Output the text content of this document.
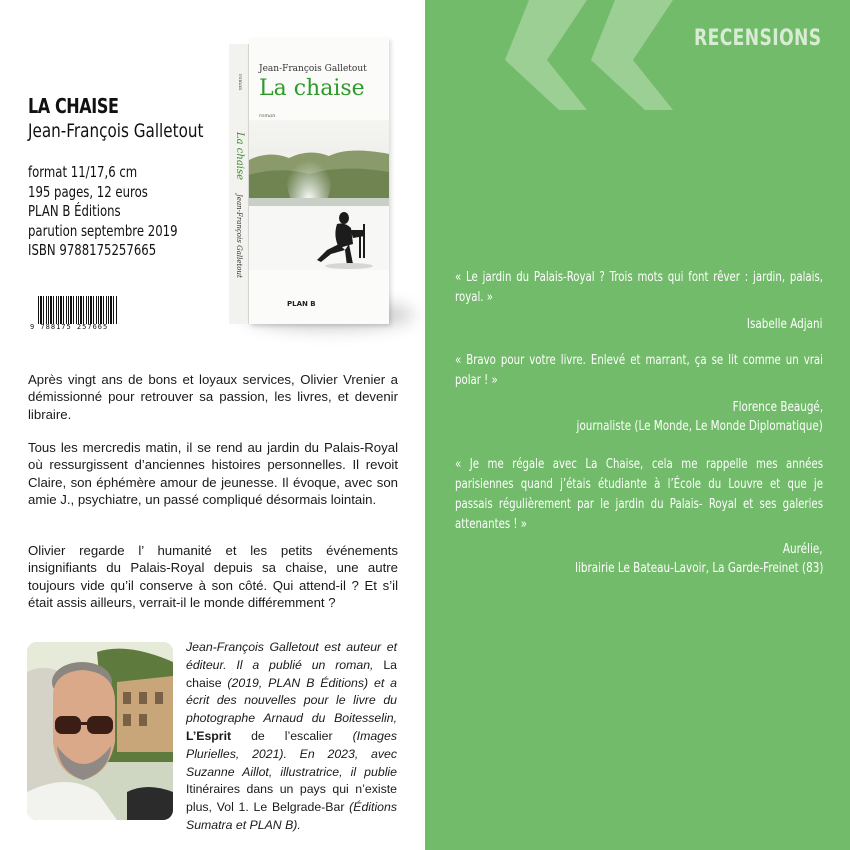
LA CHAISE
Jean-François Galletout
format 11/17,6 cm
195 pages, 12 euros
PLAN B Éditions
parution septembre 2019
ISBN 9788175257665
9 788175 257665
roman
La chaise
Jean-François Galletout
Jean-François Galletout
La chaise
roman
PLAN B

Après vingt ans de bons et loyaux services, Olivier Vrenier a démissionné pour retrouver sa passion, les livres, et devenir libraire.

Tous les mercredis matin, il se rend au jardin du Palais-Royal où ressurgissent d’anciennes histoires personnelles. Il revoit Claire, son éphémère amour de jeunesse. Il évoque, avec son amie J., psychiatre, un passé compliqué désormais lointain.

Olivier regarde l’ humanité et les petits événements insignifiants du Palais-Royal depuis sa chaise, une autre toujours vide qu’il conserve à son côté. Qui attend-il ? Et s’il était assis ailleurs, verrait-il le monde différemment ?

Jean-François Galletout est auteur et éditeur. Il a publié un roman, La chaise (2019, PLAN B Éditions) et a écrit des nouvelles pour le livre du photographe Arnaud du Boitesselin, L’Esprit de l’escalier (Images Plurielles, 2021). En 2023, avec Suzanne Aillot, illustratrice, il publie Itinéraires dans un pays qui n’existe plus, Vol 1. Le Belgrade-Bar (Éditions Sumatra et PLAN B).

RECENSIONS
« Le jardin du Palais-Royal ? Trois mots qui font rêver : jardin, palais, royal. »
Isabelle Adjani
« Bravo pour votre livre. Enlevé et marrant, ça se lit comme un vrai polar ! »
Florence Beaugé,
journaliste (Le Monde, Le Monde Diplomatique)
« Je me régale avec La Chaise, cela me rappelle mes années parisiennes quand j’étais étudiante à l’École du Louvre et que je passais régulièrement par le jardin du Palais- Royal et ses galeries attenantes ! »
Aurélie,
librairie Le Bateau-Lavoir, La Garde-Freinet (83)
